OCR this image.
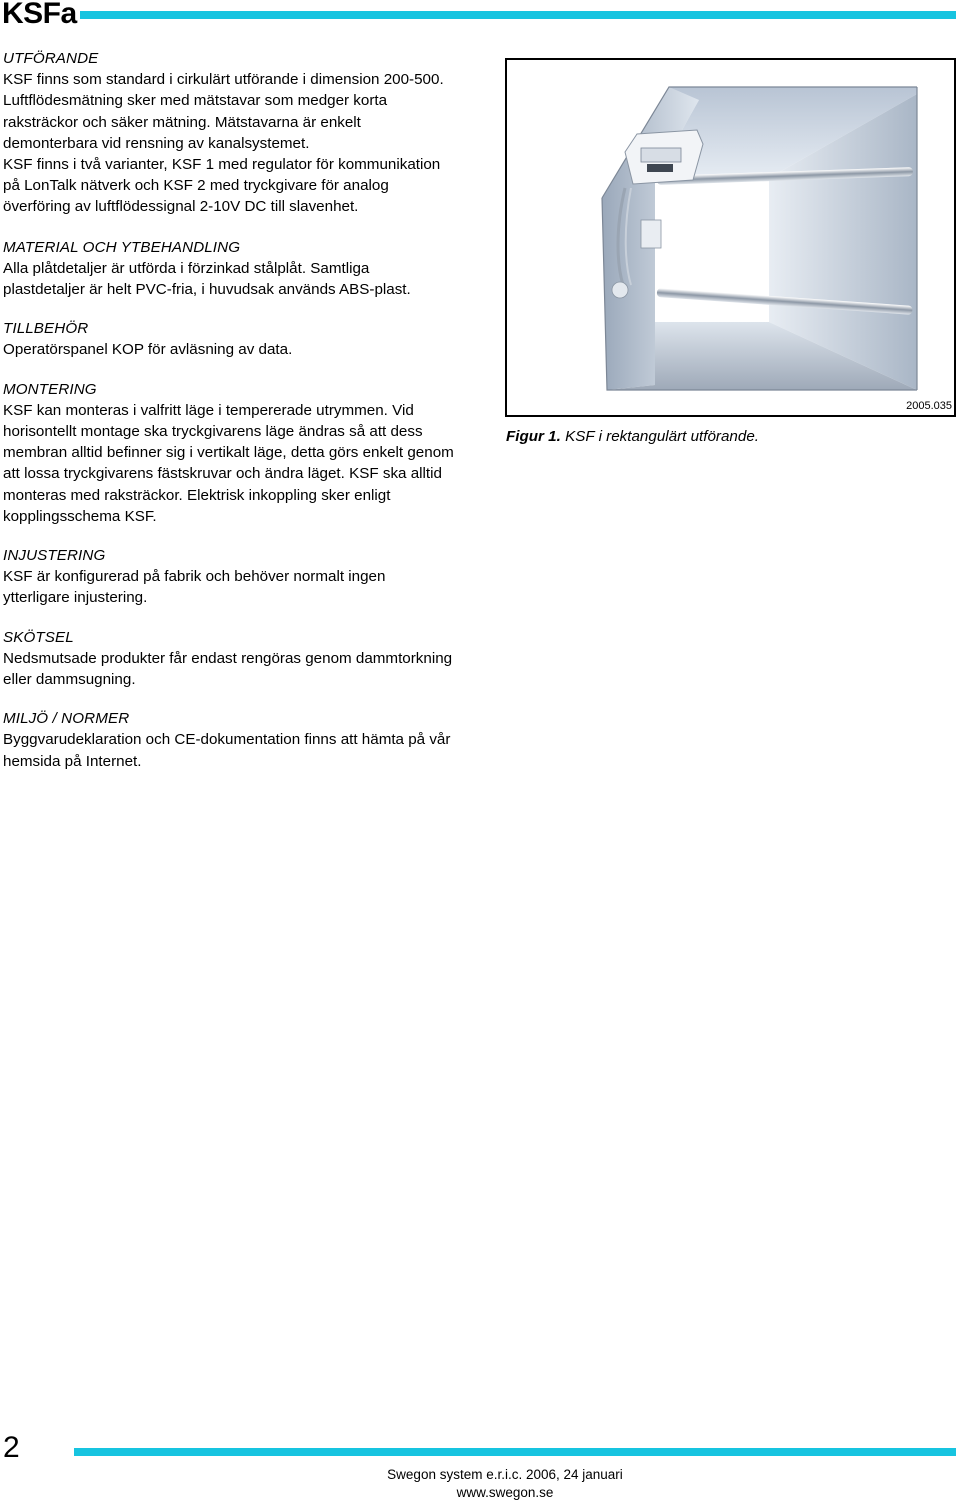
KSFa
UTFÖRANDE

KSF finns som standard i cirkulärt utförande i dimension 200-500. Luftflödesmätning sker med mätstavar som medger korta raksträckor och säker mätning. Mätstavarna är enkelt demonterbara vid rensning av kanalsystemet.

KSF finns i två varianter, KSF 1 med regulator för kommunikation på LonTalk nätverk och KSF 2 med tryckgivare för analog överföring av luftflödessignal 2-10V DC till slavenhet.

MATERIAL OCH YTBEHANDLING

Alla plåtdetaljer är utförda i förzinkad stålplåt. Samtliga plastdetaljer är helt PVC-fria, i huvudsak används ABS-plast.

TILLBEHÖR

Operatörspanel KOP för avläsning av data.

MONTERING

KSF kan monteras i valfritt läge i tempererade utrymmen. Vid horisontellt montage ska tryckgivarens läge ändras så att dess membran alltid befinner sig i vertikalt läge, detta görs enkelt genom att lossa tryckgivarens fästskruvar och ändra läget. KSF ska alltid monteras med raksträckor. Elektrisk inkoppling sker enligt kopplingsschema KSF.

INJUSTERING

KSF är konfigurerad på fabrik och behöver normalt ingen ytterligare injustering.

SKÖTSEL

Nedsmutsade produkter får endast rengöras genom dammtorkning eller dammsugning.

MILJÖ / NORMER

Byggvarudeklaration och CE-dokumentation finns att hämta på vår hemsida på Internet.

2005.035
Figur 1. KSF i rektangulärt utförande.
2
Swegon system e.r.i.c. 2006, 24 januari
www.swegon.se
